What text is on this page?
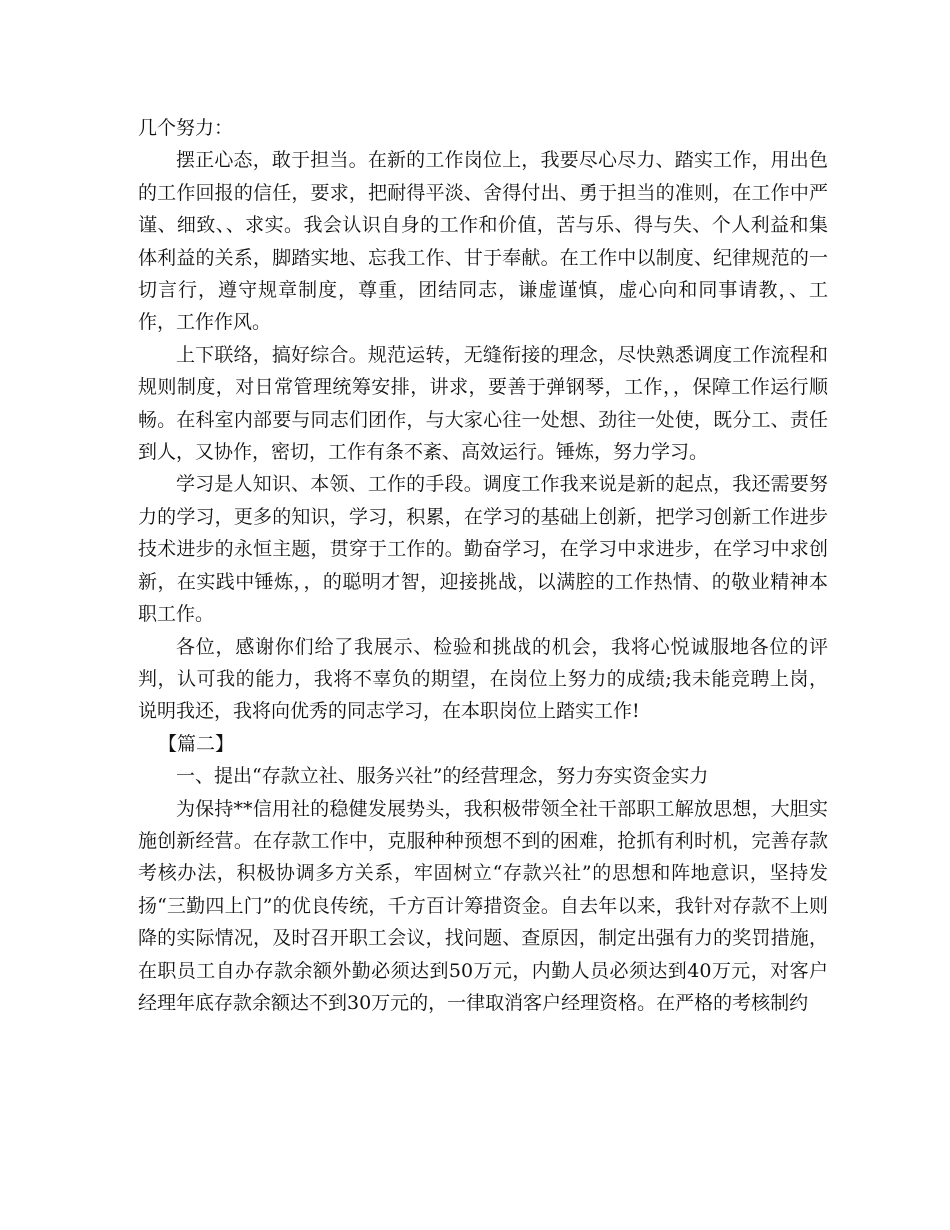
几个努力：

摆正心态，敢于担当。在新的工作岗位上，我要尽心尽力、踏实工作，用出色的工作回报的信任，要求，把耐得平淡、舍得付出、勇于担当的准则，在工作中严谨、细致、、求实。我会认识自身的工作和价值，苦与乐、得与失、个人利益和集体利益的关系，脚踏实地、忘我工作、甘于奉献。在工作中以制度、纪律规范的一切言行，遵守规章制度，尊重，团结同志，谦虚谨慎，虚心向和同事请教，、工作，工作作风。

上下联络，搞好综合。规范运转，无缝衔接的理念，尽快熟悉调度工作流程和规则制度，对日常管理统筹安排，讲求，要善于弹钢琴，工作，，保障工作运行顺畅。在科室内部要与同志们团作，与大家心往一处想、劲往一处使，既分工、责任到人，又协作，密切，工作有条不紊、高效运行。锤炼，努力学习。

学习是人知识、本领、工作的手段。调度工作我来说是新的起点，我还需要努力的学习，更多的知识，学习，积累，在学习的基础上创新，把学习创新工作进步技术进步的永恒主题，贯穿于工作的。勤奋学习，在学习中求进步，在学习中求创新，在实践中锤炼，，的聪明才智，迎接挑战，以满腔的工作热情、的敬业精神本职工作。

各位，感谢你们给了我展示、检验和挑战的机会，我将心悦诚服地各位的评判，认可我的能力，我将不辜负的期望，在岗位上努力的成绩;我未能竞聘上岗，说明我还，我将向优秀的同志学习，在本职岗位上踏实工作!

【篇二】

一、提出“存款立社、服务兴社”的经营理念，努力夯实资金实力

为保持**信用社的稳健发展势头，我积极带领全社干部职工解放思想，大胆实施创新经营。在存款工作中，克服种种预想不到的困难，抢抓有利时机，完善存款考核办法，积极协调多方关系，牢固树立“存款兴社”的思想和阵地意识，坚持发扬“三勤四上门”的优良传统，千方百计筹措资金。自去年以来，我针对存款不上则降的实际情况，及时召开职工会议，找问题、查原因，制定出强有力的奖罚措施，在职员工自办存款余额外勤必须达到50万元，内勤人员必须达到40万元，对客户经理年底存款余额达不到30万元的，一律取消客户经理资格。在严格的考核制约
